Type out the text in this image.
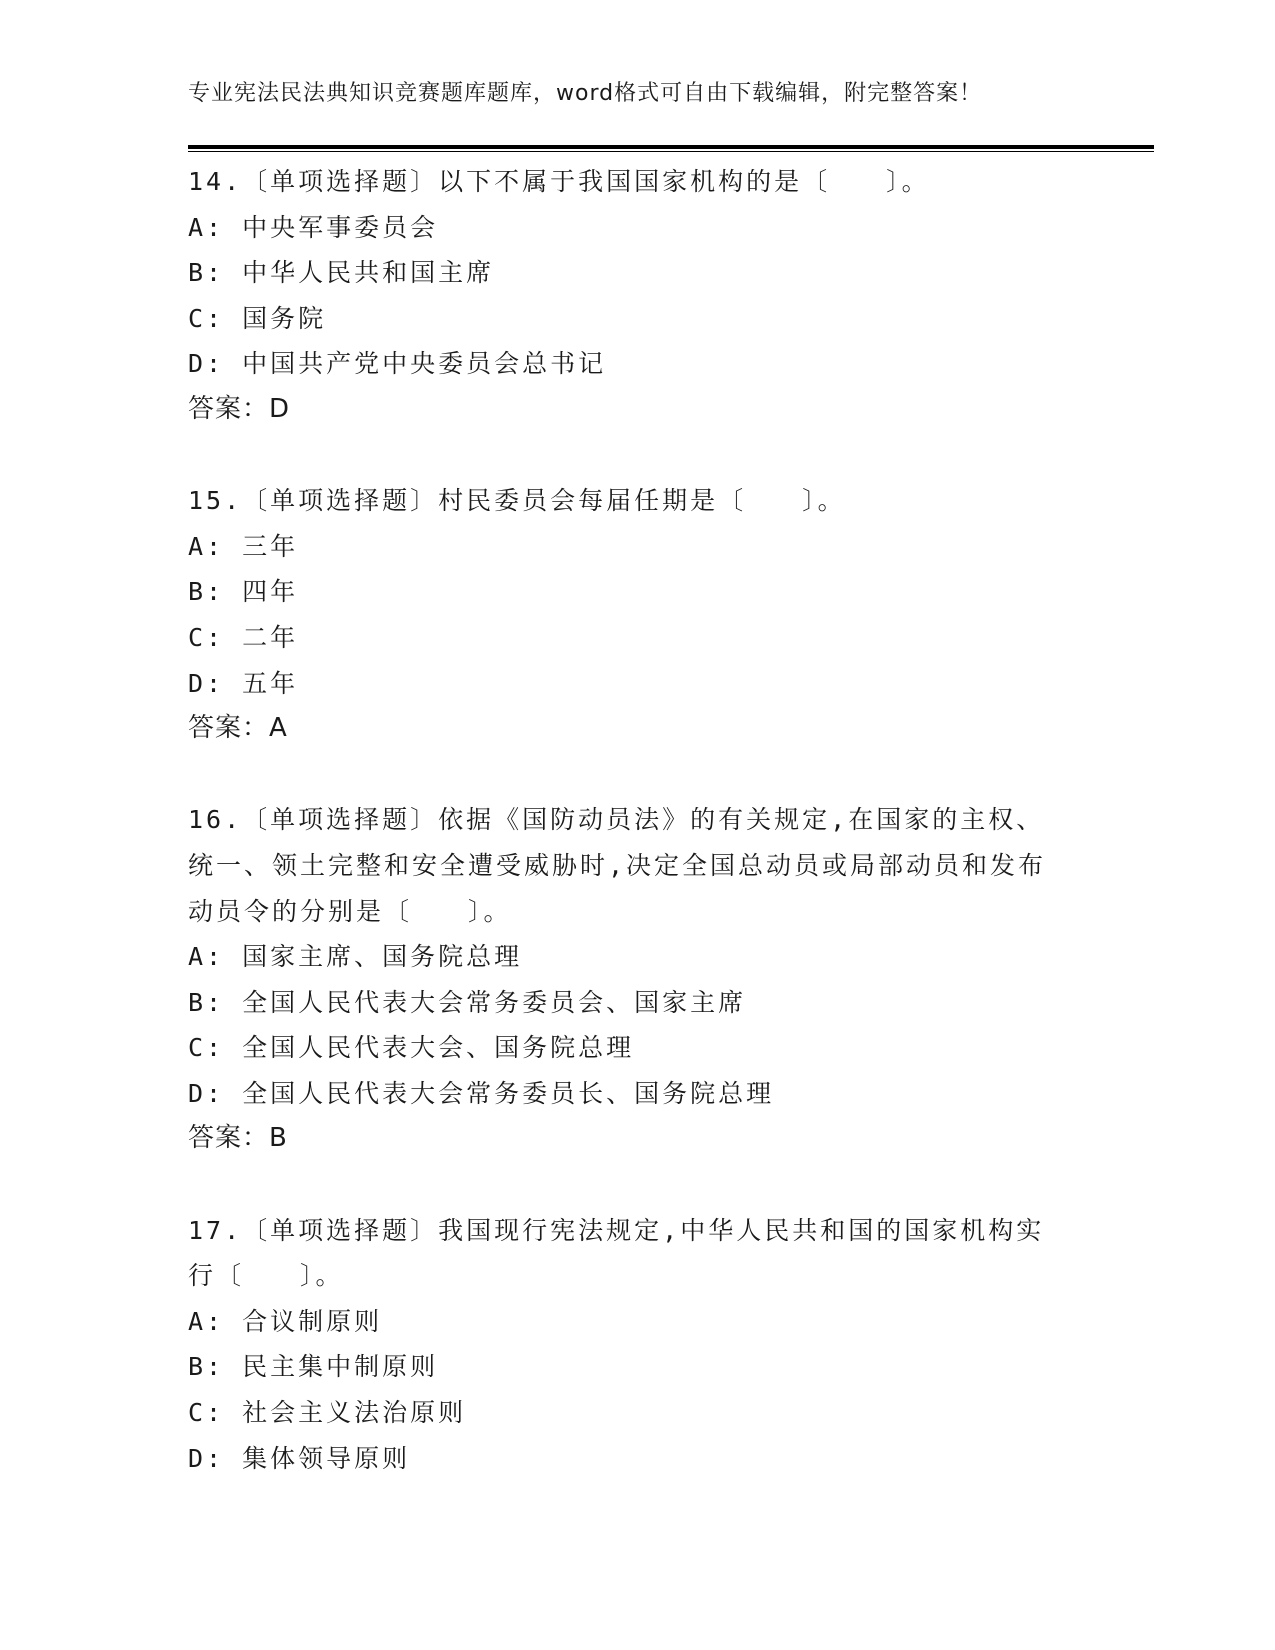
专业宪法民法典知识竞赛题库题库，word格式可自由下载编辑，附完整答案！
14.〔单项选择题〕以下不属于我国国家机构的是〔　　〕。
A: 中央军事委员会
B: 中华人民共和国主席
C: 国务院
D: 中国共产党中央委员会总书记
答案：D
15.〔单项选择题〕村民委员会每届任期是〔　　〕。
A: 三年
B: 四年
C: 二年
D: 五年
答案：A
16.〔单项选择题〕依据《国防动员法》的有关规定,在国家的主权、
统一、领土完整和安全遭受威胁时,决定全国总动员或局部动员和发布
动员令的分别是〔　　〕。
A: 国家主席、国务院总理
B: 全国人民代表大会常务委员会、国家主席
C: 全国人民代表大会、国务院总理
D: 全国人民代表大会常务委员长、国务院总理
答案：B
17.〔单项选择题〕我国现行宪法规定,中华人民共和国的国家机构实
行〔　　〕。
A: 合议制原则
B: 民主集中制原则
C: 社会主义法治原则
D: 集体领导原则
